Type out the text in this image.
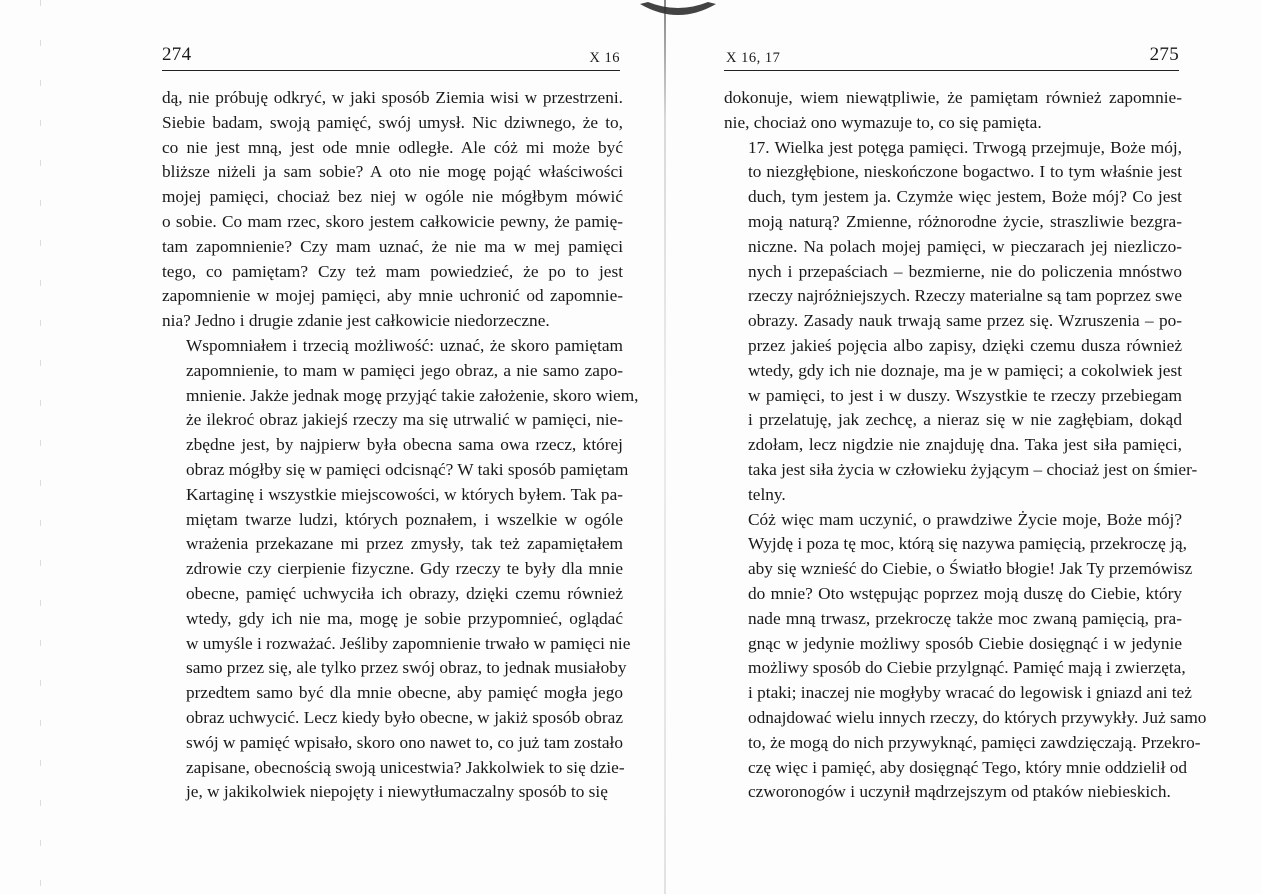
274	X 16

dą, nie próbuję odkryć, w jaki sposób Ziemia wisi w przestrzeni.
Siebie badam, swoją pamięć, swój umysł. Nic dziwnego, że to,
co nie jest mną, jest ode mnie odległe. Ale cóż mi może być
bliższe niżeli ja sam sobie? A oto nie mogę pojąć właściwości
mojej pamięci, chociaż bez niej w ogóle nie mógłbym mówić
o sobie. Co mam rzec, skoro jestem całkowicie pewny, że pamię-
tam zapomnienie? Czy mam uznać, że nie ma w mej pamięci
tego, co pamiętam? Czy też mam powiedzieć, że po to jest
zapomnienie w mojej pamięci, aby mnie uchronić od zapomnie-
nia? Jedno i drugie zdanie jest całkowicie niedorzeczne.

Wspomniałem i trzecią możliwość: uznać, że skoro pamiętam
zapomnienie, to mam w pamięci jego obraz, a nie samo zapo-
mnienie. Jakże jednak mogę przyjąć takie założenie, skoro wiem,
że ilekroć obraz jakiejś rzeczy ma się utrwalić w pamięci, nie-
zbędne jest, by najpierw była obecna sama owa rzecz, której
obraz mógłby się w pamięci odcisnąć? W taki sposób pamiętam
Kartaginę i wszystkie miejscowości, w których byłem. Tak pa-
miętam twarze ludzi, których poznałem, i wszelkie w ogóle
wrażenia przekazane mi przez zmysły, tak też zapamiętałem
zdrowie czy cierpienie fizyczne. Gdy rzeczy te były dla mnie
obecne, pamięć uchwyciła ich obrazy, dzięki czemu również
wtedy, gdy ich nie ma, mogę je sobie przypomnieć, oglądać
w umyśle i rozważać. Jeśliby zapomnienie trwało w pamięci nie
samo przez się, ale tylko przez swój obraz, to jednak musiałoby
przedtem samo być dla mnie obecne, aby pamięć mogła jego
obraz uchwycić. Lecz kiedy było obecne, w jakiż sposób obraz
swój w pamięć wpisało, skoro ono nawet to, co już tam zostało
zapisane, obecnością swoją unicestwia? Jakkolwiek to się dzie-
je, w jakikolwiek niepojęty i niewytłumaczalny sposób to się

X 16, 17	275

dokonuje, wiem niewątpliwie, że pamiętam również zapomnie-
nie, chociaż ono wymazuje to, co się pamięta.

17. Wielka jest potęga pamięci. Trwogą przejmuje, Boże mój,
to niezgłębione, nieskończone bogactwo. I to tym właśnie jest
duch, tym jestem ja. Czymże więc jestem, Boże mój? Co jest
moją naturą? Zmienne, różnorodne życie, straszliwie bezgra-
niczne. Na polach mojej pamięci, w pieczarach jej niezliczo-
nych i przepaściach – bezmierne, nie do policzenia mnóstwo
rzeczy najróżniejszych. Rzeczy materialne są tam poprzez swe
obrazy. Zasady nauk trwają same przez się. Wzruszenia – po-
przez jakieś pojęcia albo zapisy, dzięki czemu dusza również
wtedy, gdy ich nie doznaje, ma je w pamięci; a cokolwiek jest
w pamięci, to jest i w duszy. Wszystkie te rzeczy przebiegam
i przelatuję, jak zechcę, a nieraz się w nie zagłębiam, dokąd
zdołam, lecz nigdzie nie znajduję dna. Taka jest siła pamięci,
taka jest siła życia w człowieku żyjącym – chociaż jest on śmier-
telny.

Cóż więc mam uczynić, o prawdziwe Życie moje, Boże mój?
Wyjdę i poza tę moc, którą się nazywa pamięcią, przekroczę ją,
aby się wznieść do Ciebie, o Światło błogie! Jak Ty przemówisz
do mnie? Oto wstępując poprzez moją duszę do Ciebie, który
nade mną trwasz, przekroczę także moc zwaną pamięcią, pra-
gnąc w jedynie możliwy sposób Ciebie dosięgnąć i w jedynie
możliwy sposób do Ciebie przylgnąć. Pamięć mają i zwierzęta,
i ptaki; inaczej nie mogłyby wracać do legowisk i gniazd ani też
odnajdować wielu innych rzeczy, do których przywykły. Już samo
to, że mogą do nich przywyknąć, pamięci zawdzięczają. Przekro-
czę więc i pamięć, aby dosięgnąć Tego, który mnie oddzielił od
czworonogów i uczynił mądrzejszym od ptaków niebieskich.
